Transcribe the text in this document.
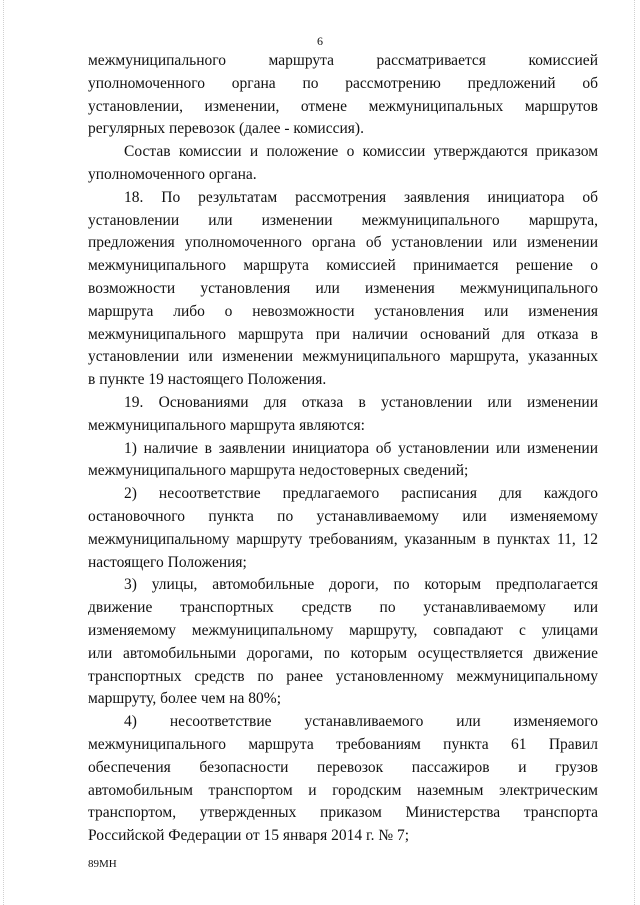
6
межмуниципального маршрута рассматривается комиссией
уполномоченного органа по рассмотрению предложений об
установлении, изменении, отмене межмуниципальных маршрутов
регулярных перевозок (далее - комиссия).
Состав комиссии и положение о комиссии утверждаются приказом
уполномоченного органа.
18. По результатам рассмотрения заявления инициатора об
установлении или изменении межмуниципального маршрута,
предложения уполномоченного органа об установлении или изменении
межмуниципального маршрута комиссией принимается решение о
возможности установления или изменения межмуниципального
маршрута либо о невозможности установления или изменения
межмуниципального маршрута при наличии оснований для отказа в
установлении или изменении межмуниципального маршрута, указанных
в пункте 19 настоящего Положения.
19. Основаниями для отказа в установлении или изменении
межмуниципального маршрута являются:
1) наличие в заявлении инициатора об установлении или изменении
межмуниципального маршрута недостоверных сведений;
2) несоответствие предлагаемого расписания для каждого
остановочного пункта по устанавливаемому или изменяемому
межмуниципальному маршруту требованиям, указанным в пунктах 11, 12
настоящего Положения;
3) улицы, автомобильные дороги, по которым предполагается
движение транспортных средств по устанавливаемому или
изменяемому межмуниципальному маршруту, совпадают с улицами
или автомобильными дорогами, по которым осуществляется движение
транспортных средств по ранее установленному межмуниципальному
маршруту, более чем на 80%;
4) несоответствие устанавливаемого или изменяемого
межмуниципального маршрута требованиям пункта 61 Правил
обеспечения безопасности перевозок пассажиров и грузов
автомобильным транспортом и городским наземным электрическим
транспортом, утвержденных приказом Министерства транспорта
Российской Федерации от 15 января 2014 г. № 7;
89МН
